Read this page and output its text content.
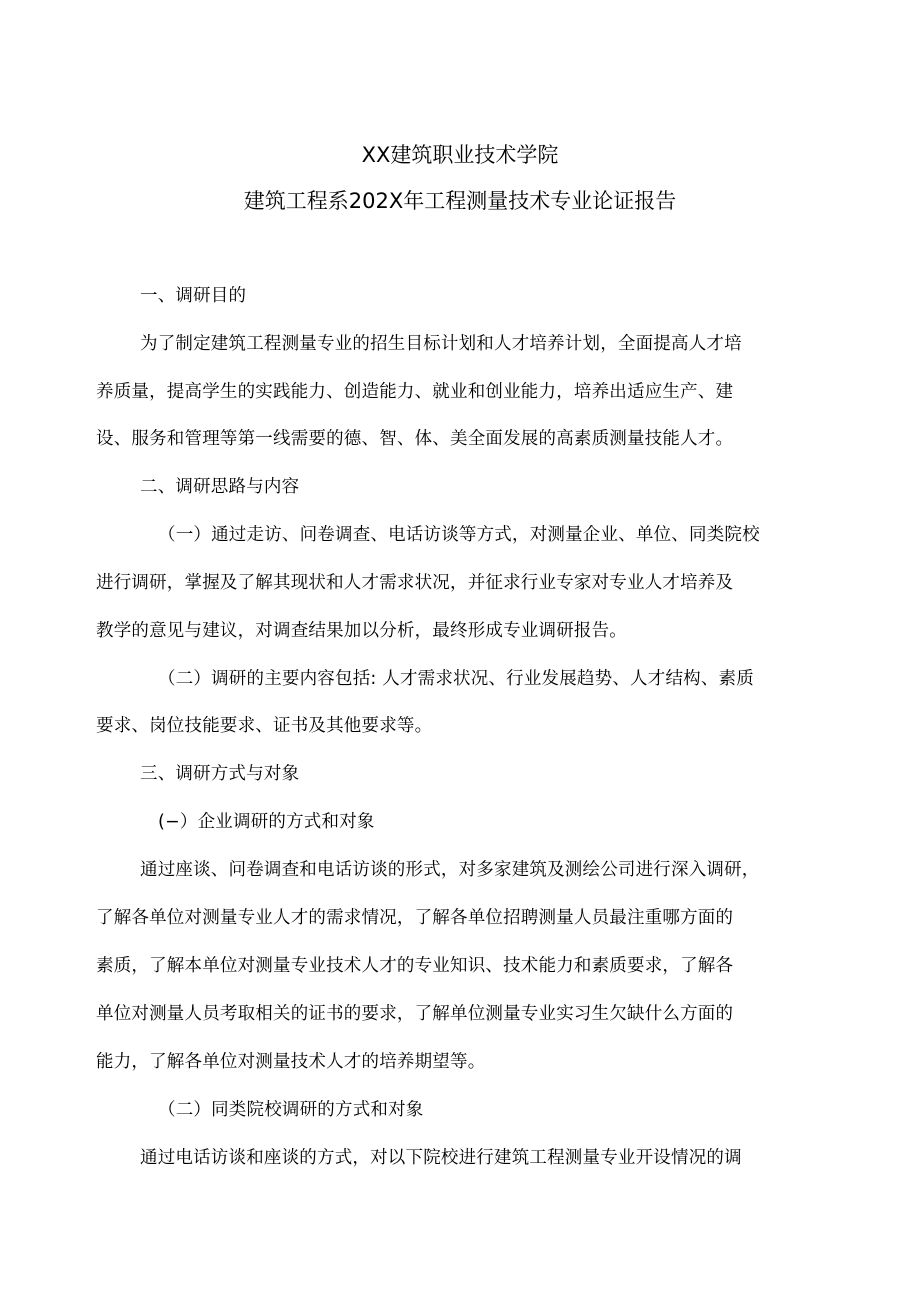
XX建筑职业技术学院
建筑工程系202X年工程测量技术专业论证报告
一、调研目的
为了制定建筑工程测量专业的招生目标计划和人才培养计划，全面提高人才培
养质量，提高学生的实践能力、创造能力、就业和创业能力，培养出适应生产、建
设、服务和管理等第一线需要的德、智、体、美全面发展的高素质测量技能人才。
二、调研思路与内容
（一）通过走访、问卷调查、电话访谈等方式，对测量企业、单位、同类院校
进行调研，掌握及了解其现状和人才需求状况，并征求行业专家对专业人才培养及
教学的意见与建议，对调查结果加以分析，最终形成专业调研报告。
（二）调研的主要内容包括: 人才需求状况、行业发展趋势、人才结构、素质
要求、岗位技能要求、证书及其他要求等。
三、调研方式与对象
(−）企业调研的方式和对象
通过座谈、问卷调查和电话访谈的形式，对多家建筑及测绘公司进行深入调研，
了解各单位对测量专业人才的需求情况，了解各单位招聘测量人员最注重哪方面的
素质，了解本单位对测量专业技术人才的专业知识、技术能力和素质要求，了解各
单位对测量人员考取相关的证书的要求，了解单位测量专业实习生欠缺什么方面的
能力，了解各单位对测量技术人才的培养期望等。
（二）同类院校调研的方式和对象
通过电话访谈和座谈的方式，对以下院校进行建筑工程测量专业开设情况的调
